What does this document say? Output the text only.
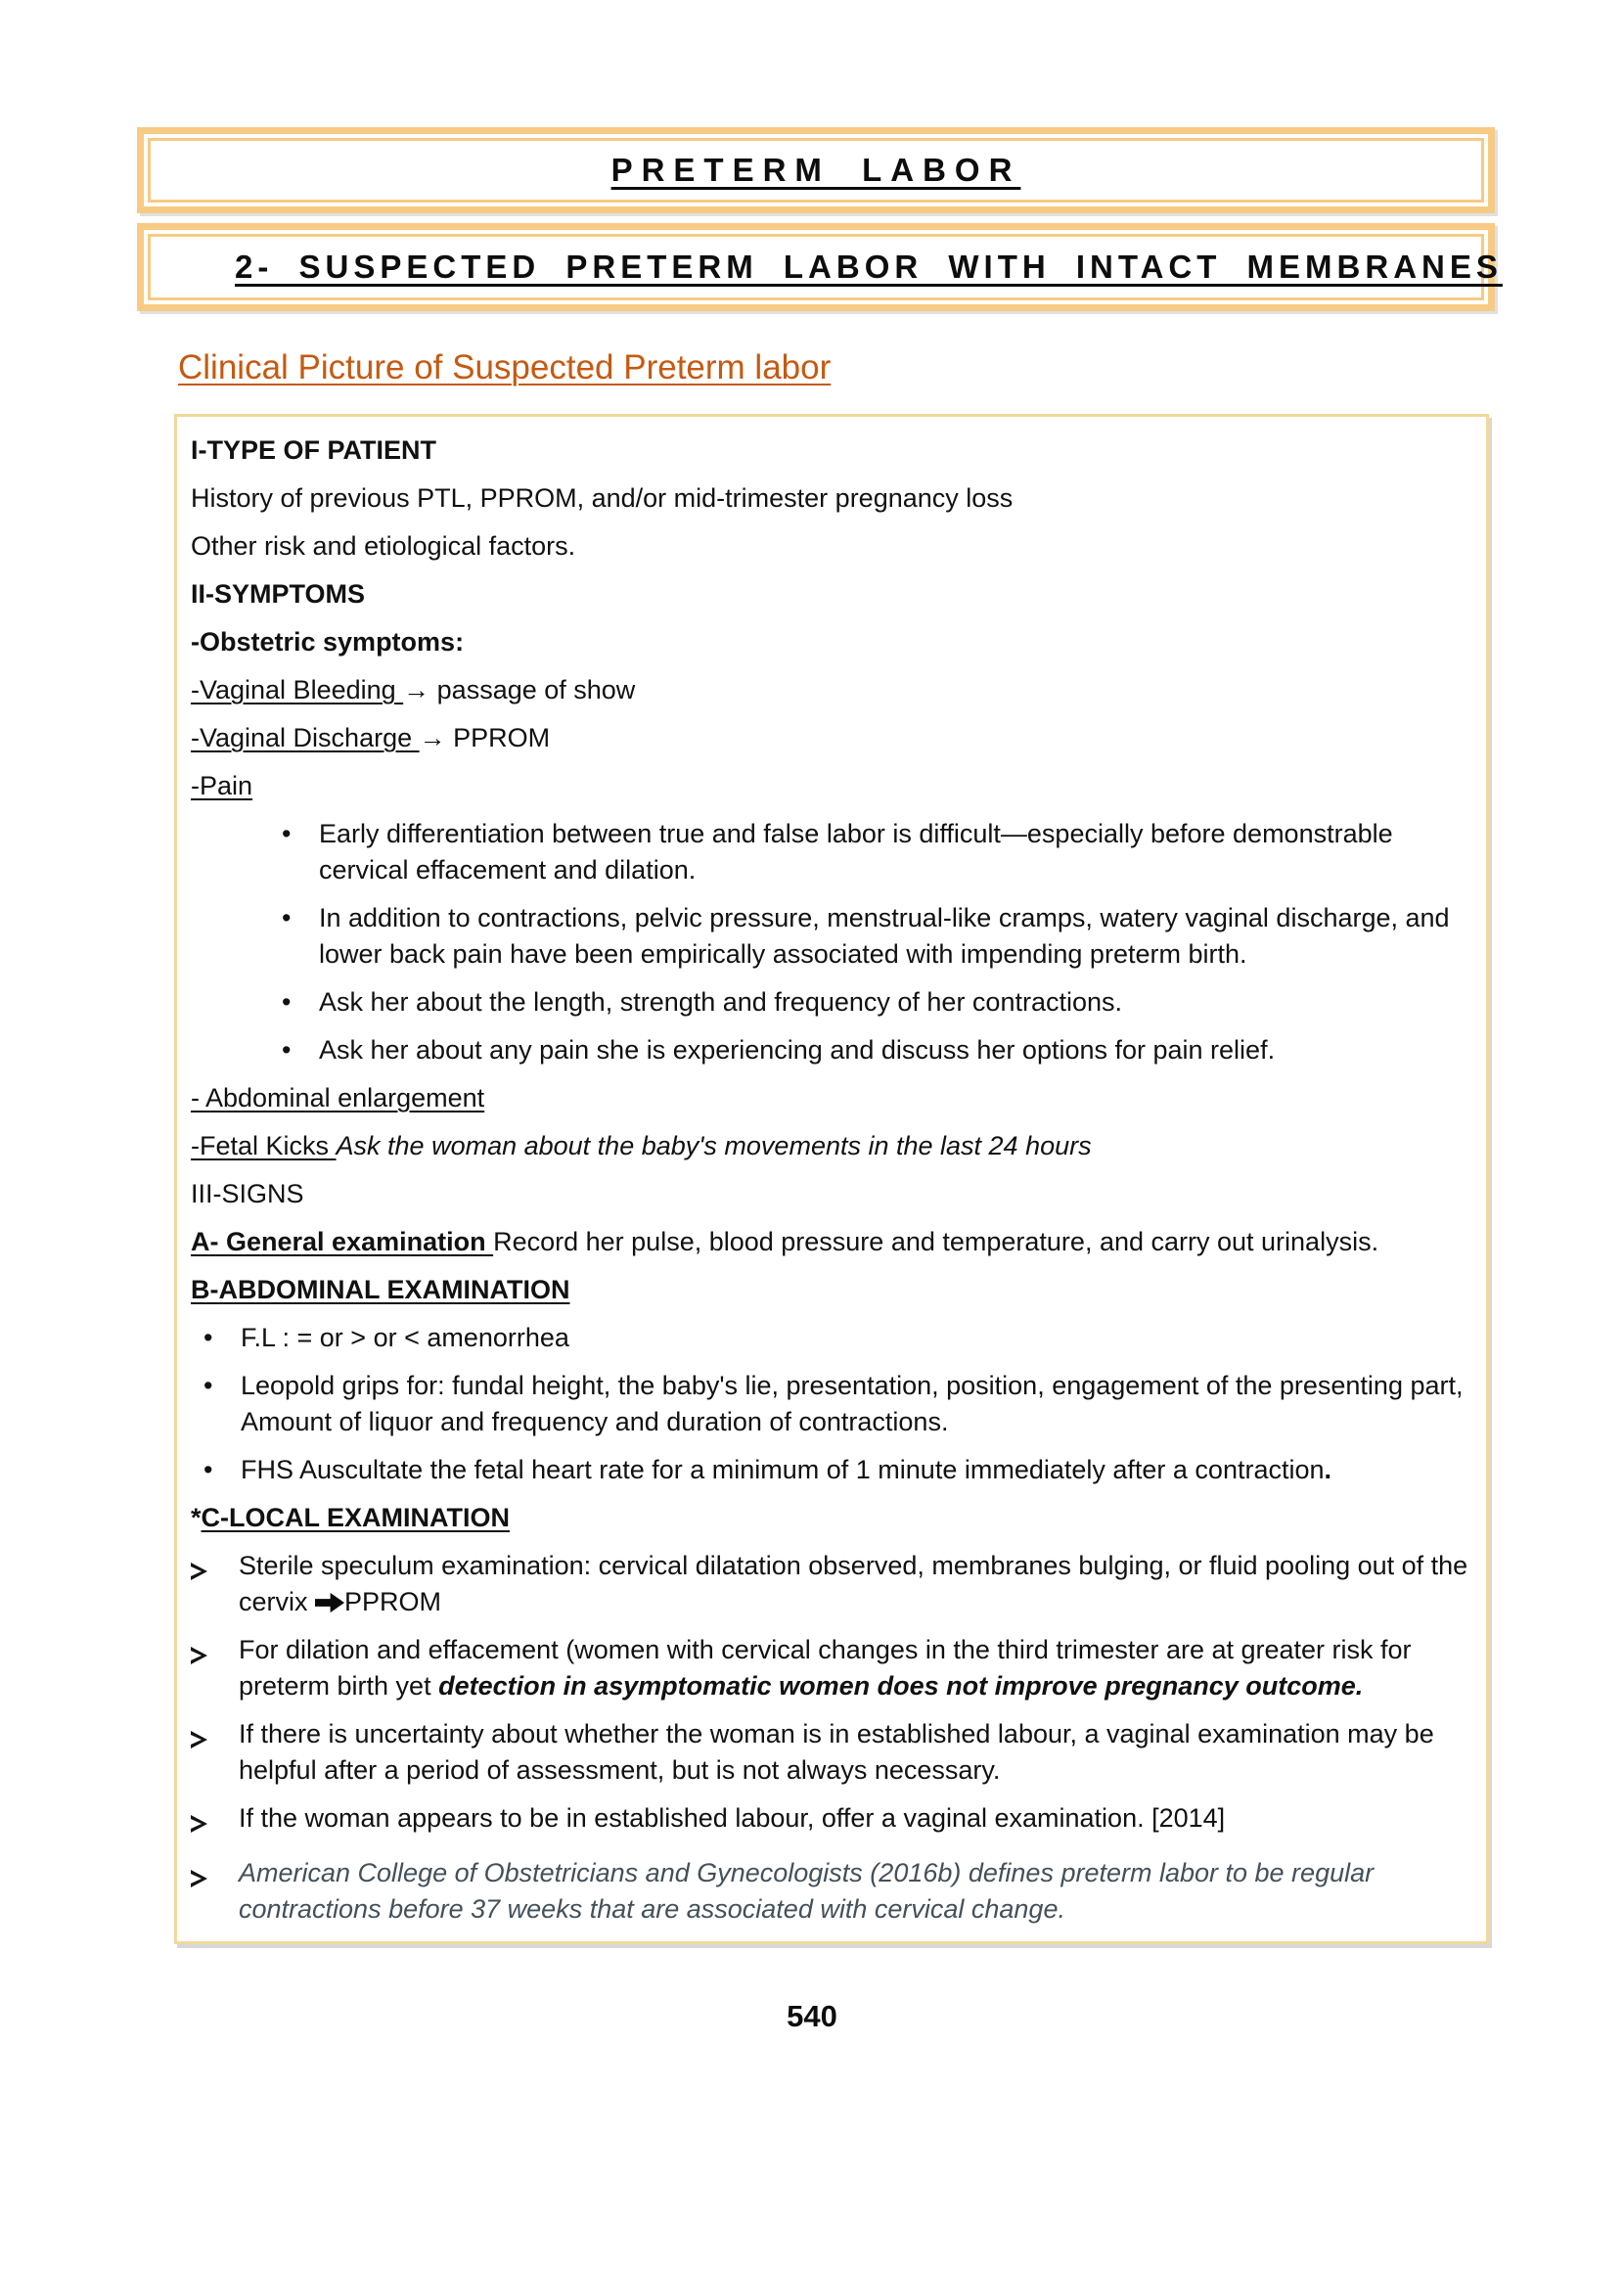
PRETERM LABOR
2- SUSPECTED PRETERM LABOR WITH INTACT MEMBRANES
Clinical Picture of Suspected Preterm labor
I-TYPE OF PATIENT
History of previous PTL, PPROM, and/or mid-trimester pregnancy loss
Other risk and etiological factors.
II-SYMPTOMS
-Obstetric symptoms:
-Vaginal Bleeding → passage of show
-Vaginal Discharge → PPROM
-Pain
•	Early differentiation between true and false labor is difficult—especially before demonstrable cervical effacement and dilation.
•	In addition to contractions, pelvic pressure, menstrual-like cramps, watery vaginal discharge, and lower back pain have been empirically associated with impending preterm birth.
•	Ask her about the length, strength and frequency of her contractions.
•	Ask her about any pain she is experiencing and discuss her options for pain relief.
- Abdominal enlargement
-Fetal Kicks Ask the woman about the baby's movements in the last 24 hours
III-SIGNS
A- General examination Record her pulse, blood pressure and temperature, and carry out urinalysis.
B-ABDOMINAL EXAMINATION
•	F.L : = or > or < amenorrhea
•	Leopold grips for: fundal height, the baby's lie, presentation, position, engagement of the presenting part, Amount of liquor and frequency and duration of contractions.
•	FHS Auscultate the fetal heart rate for a minimum of 1 minute immediately after a contraction.
*C-LOCAL EXAMINATION
Sterile speculum examination: cervical dilatation observed, membranes bulging, or fluid pooling out of the cervix PPROM
For dilation and effacement (women with cervical changes in the third trimester are at greater risk for preterm birth yet detection in asymptomatic women does not improve pregnancy outcome.
If there is uncertainty about whether the woman is in established labour, a vaginal examination may be helpful after a period of assessment, but is not always necessary.
If the woman appears to be in established labour, offer a vaginal examination. [2014]
American College of Obstetricians and Gynecologists (2016b) defines preterm labor to be regular contractions before 37 weeks that are associated with cervical change.
540
